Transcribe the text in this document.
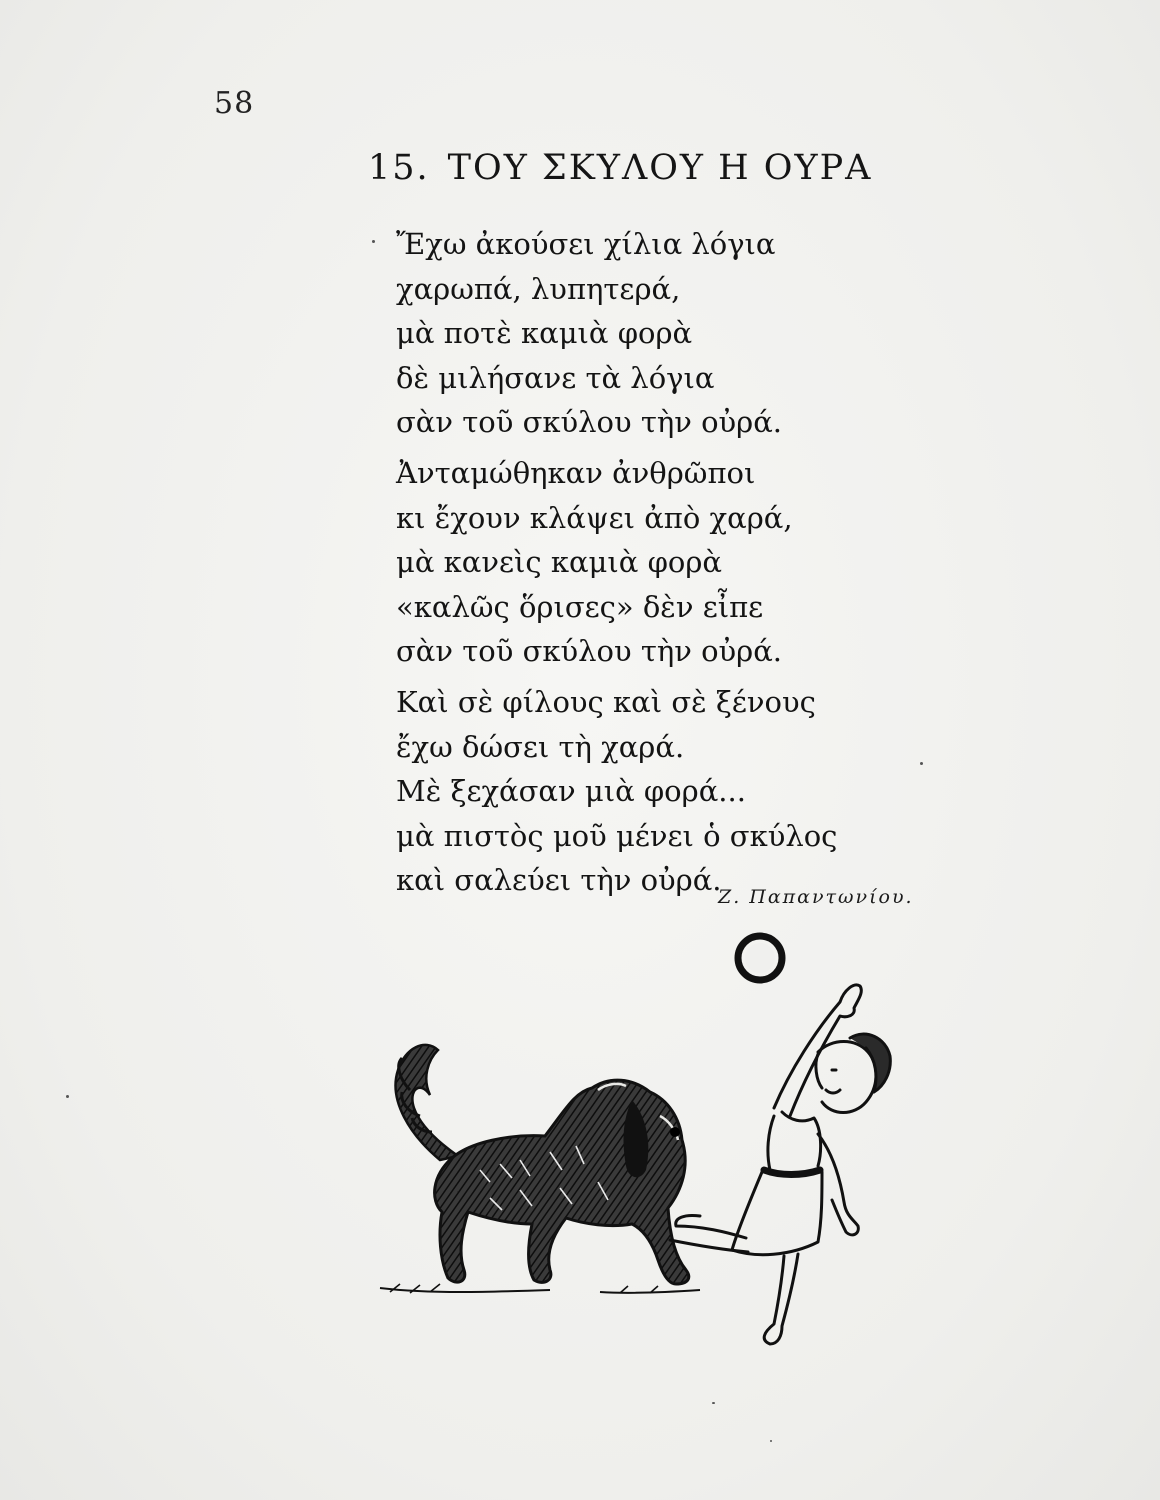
58
15. ΤΟΥ ΣΚΥΛΟΥ Η ΟΥΡΑ
Ἔχω ἀκούσει χίλια λόγια
χαρωπά, λυπητερά,
μὰ ποτὲ καμιὰ φορὰ
δὲ μιλήσανε τὰ λόγια
σὰν τοῦ σκύλου τὴν οὐρά.
Ἀνταμώθηκαν ἀνθρῶποι
κι ἔχουν κλάψει ἀπὸ χαρά,
μὰ κανεὶς καμιὰ φορὰ
«καλῶς ὅρισες» δὲν εἶπε
σὰν τοῦ σκύλου τὴν οὐρά.
Καὶ σὲ φίλους καὶ σὲ ξένους
ἔχω δώσει τὴ χαρά.
Μὲ ξεχάσαν μιὰ φορά...
μὰ πιστὸς μοῦ μένει ὁ σκύλος
καὶ σαλεύει τὴν οὐρά.
Ζ. Παπαντωνίου.
